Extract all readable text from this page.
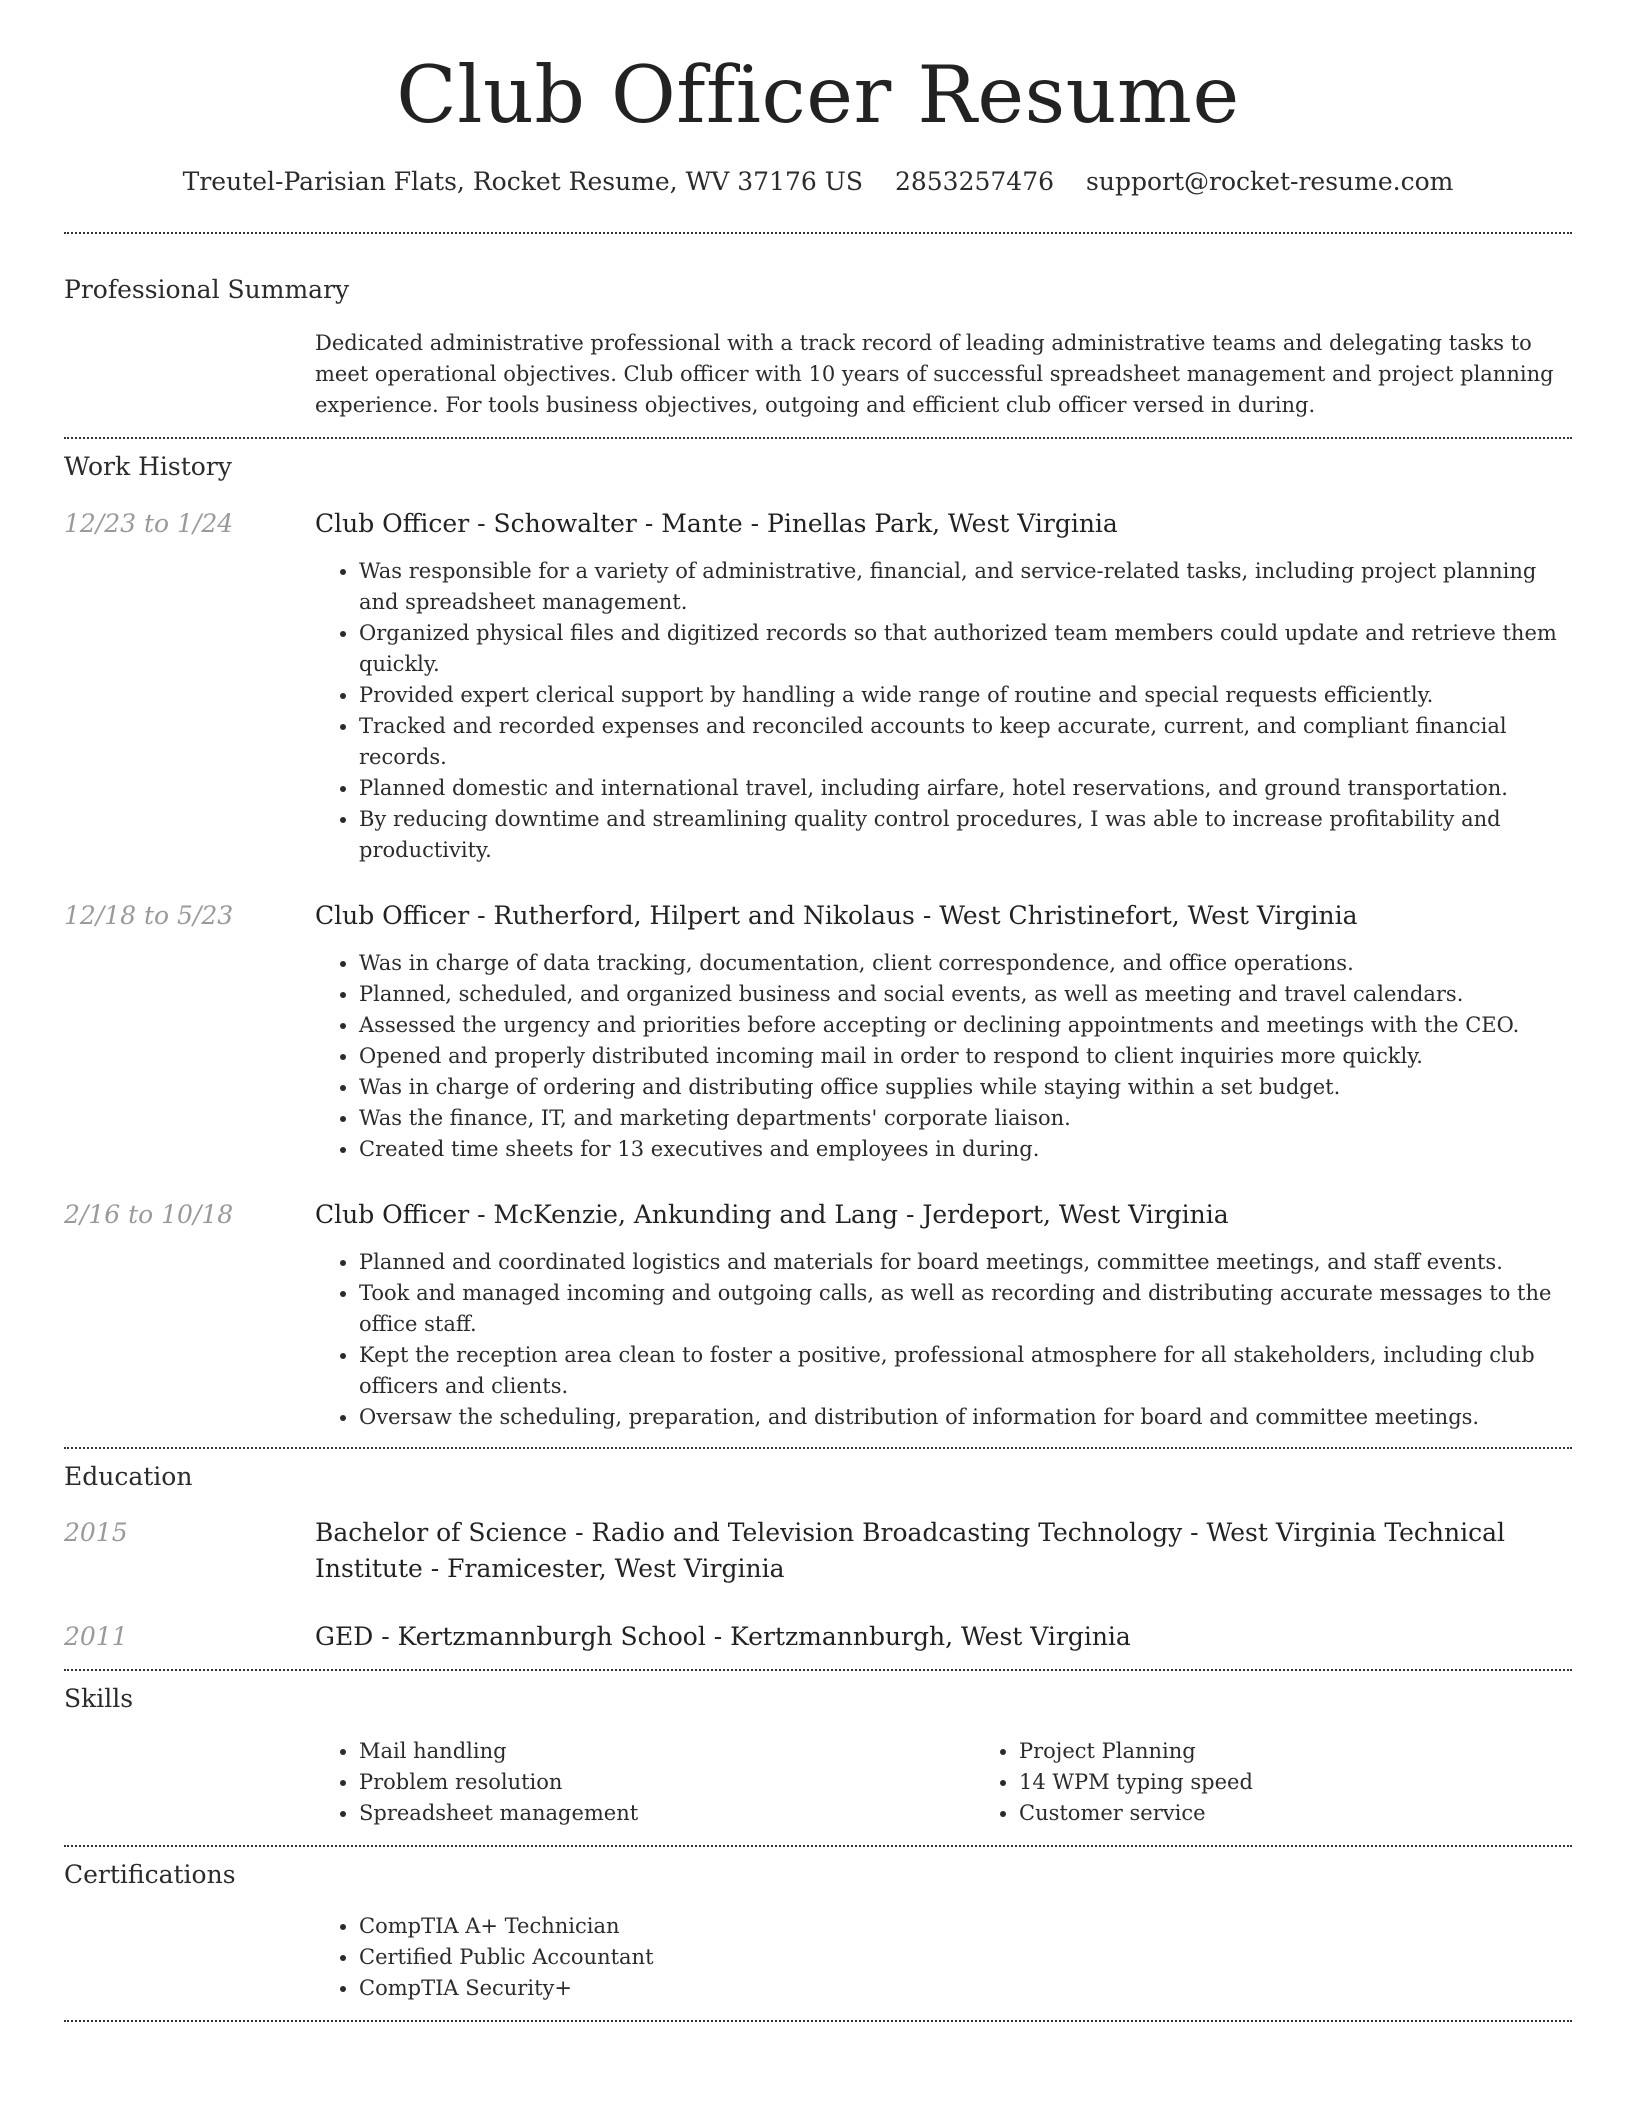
Club Officer Resume
Treutel-Parisian Flats, Rocket Resume, WV 37176 US 2853257476 support@rocket-resume.com
Professional Summary
Dedicated administrative professional with a track record of leading administrative teams and delegating tasks to meet operational objectives. Club officer with 10 years of successful spreadsheet management and project planning experience. For tools business objectives, outgoing and efficient club officer versed in during.
Work History
12/23 to 1/24	Club Officer - Schowalter - Mante - Pinellas Park, West Virginia
• Was responsible for a variety of administrative, financial, and service-related tasks, including project planning and spreadsheet management.
• Organized physical files and digitized records so that authorized team members could update and retrieve them quickly.
• Provided expert clerical support by handling a wide range of routine and special requests efficiently.
• Tracked and recorded expenses and reconciled accounts to keep accurate, current, and compliant financial records.
• Planned domestic and international travel, including airfare, hotel reservations, and ground transportation.
• By reducing downtime and streamlining quality control procedures, I was able to increase profitability and productivity.
12/18 to 5/23	Club Officer - Rutherford, Hilpert and Nikolaus - West Christinefort, West Virginia
• Was in charge of data tracking, documentation, client correspondence, and office operations.
• Planned, scheduled, and organized business and social events, as well as meeting and travel calendars.
• Assessed the urgency and priorities before accepting or declining appointments and meetings with the CEO.
• Opened and properly distributed incoming mail in order to respond to client inquiries more quickly.
• Was in charge of ordering and distributing office supplies while staying within a set budget.
• Was the finance, IT, and marketing departments' corporate liaison.
• Created time sheets for 13 executives and employees in during.
2/16 to 10/18	Club Officer - McKenzie, Ankunding and Lang - Jerdeport, West Virginia
• Planned and coordinated logistics and materials for board meetings, committee meetings, and staff events.
• Took and managed incoming and outgoing calls, as well as recording and distributing accurate messages to the office staff.
• Kept the reception area clean to foster a positive, professional atmosphere for all stakeholders, including club officers and clients.
• Oversaw the scheduling, preparation, and distribution of information for board and committee meetings.
Education
2015	Bachelor of Science - Radio and Television Broadcasting Technology - West Virginia Technical Institute - Framicester, West Virginia
2011	GED - Kertzmannburgh School - Kertzmannburgh, West Virginia
Skills
• Mail handling
• Problem resolution
• Spreadsheet management
• Project Planning
• 14 WPM typing speed
• Customer service
Certifications
• CompTIA A+ Technician
• Certified Public Accountant
• CompTIA Security+
